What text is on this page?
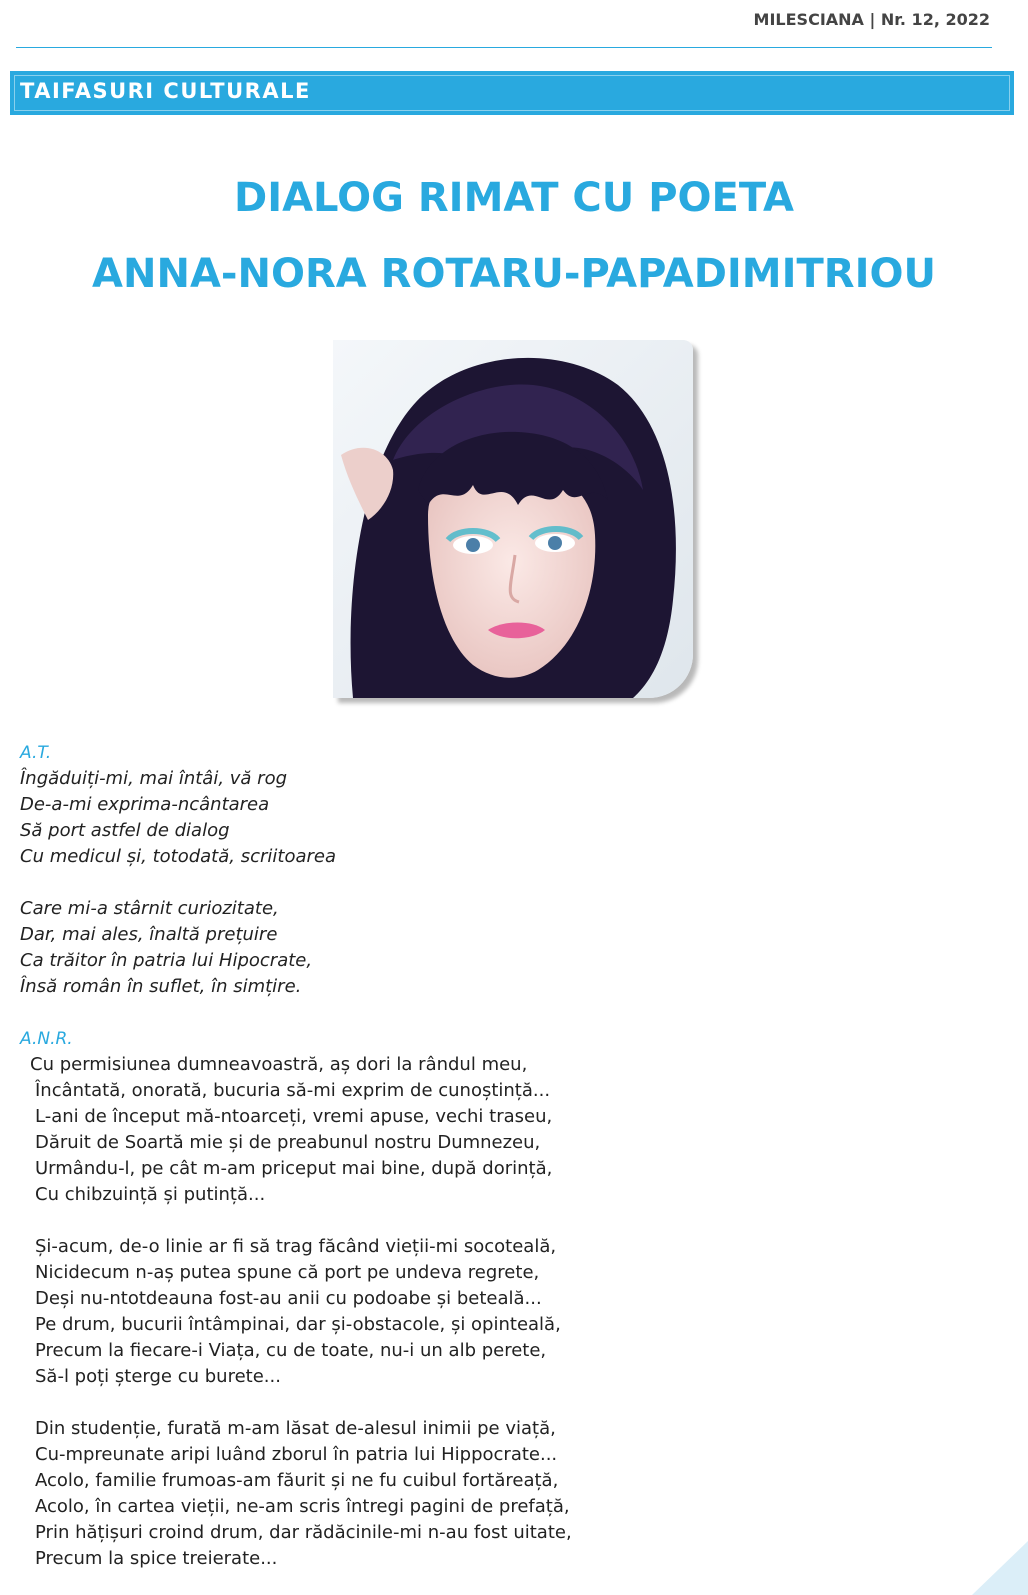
MILESCIANA | Nr. 12, 2022
TAIFASURI CULTURALE
DIALOG RIMAT CU POETA
ANNA-NORA ROTARU-PAPADIMITRIOU
A.T.
Îngăduiți-mi, mai întâi, vă rog
De-a-mi exprima-ncântarea
Să port astfel de dialog
Cu medicul și, totodată, scriitoarea
Care mi-a stârnit curiozitate,
Dar, mai ales, înaltă prețuire
Ca trăitor în patria lui Hipocrate,
Însă român în suflet, în simțire.
A.N.R.
Cu permisiunea dumneavoastră, aș dori la rândul meu,
Încântată, onorată, bucuria să-mi exprim de cunoștință...
L-ani de început mă-ntoarceți, vremi apuse, vechi traseu,
Dăruit de Soartă mie și de preabunul nostru Dumnezeu,
Urmându-l, pe cât m-am priceput mai bine, după dorință,
Cu chibzuință și putință...
Și-acum, de-o linie ar fi să trag făcând vieții-mi socoteală,
Nicidecum n-aș putea spune că port pe undeva regrete,
Deși nu-ntotdeauna fost-au anii cu podoabe și beteală...
Pe drum, bucurii întâmpinai, dar și-obstacole, și opinteală,
Precum la fiecare-i Viața, cu de toate, nu-i un alb perete,
Să-l poți șterge cu burete...
Din studenție, furată m-am lăsat de-alesul inimii pe viață,
Cu-mpreunate aripi luând zborul în patria lui Hippocrate...
Acolo, familie frumoas-am făurit și ne fu cuibul fortăreață,
Acolo, în cartea vieții, ne-am scris întregi pagini de prefață,
Prin hățișuri croind drum, dar rădăcinile-mi n-au fost uitate,
Precum la spice treierate...
